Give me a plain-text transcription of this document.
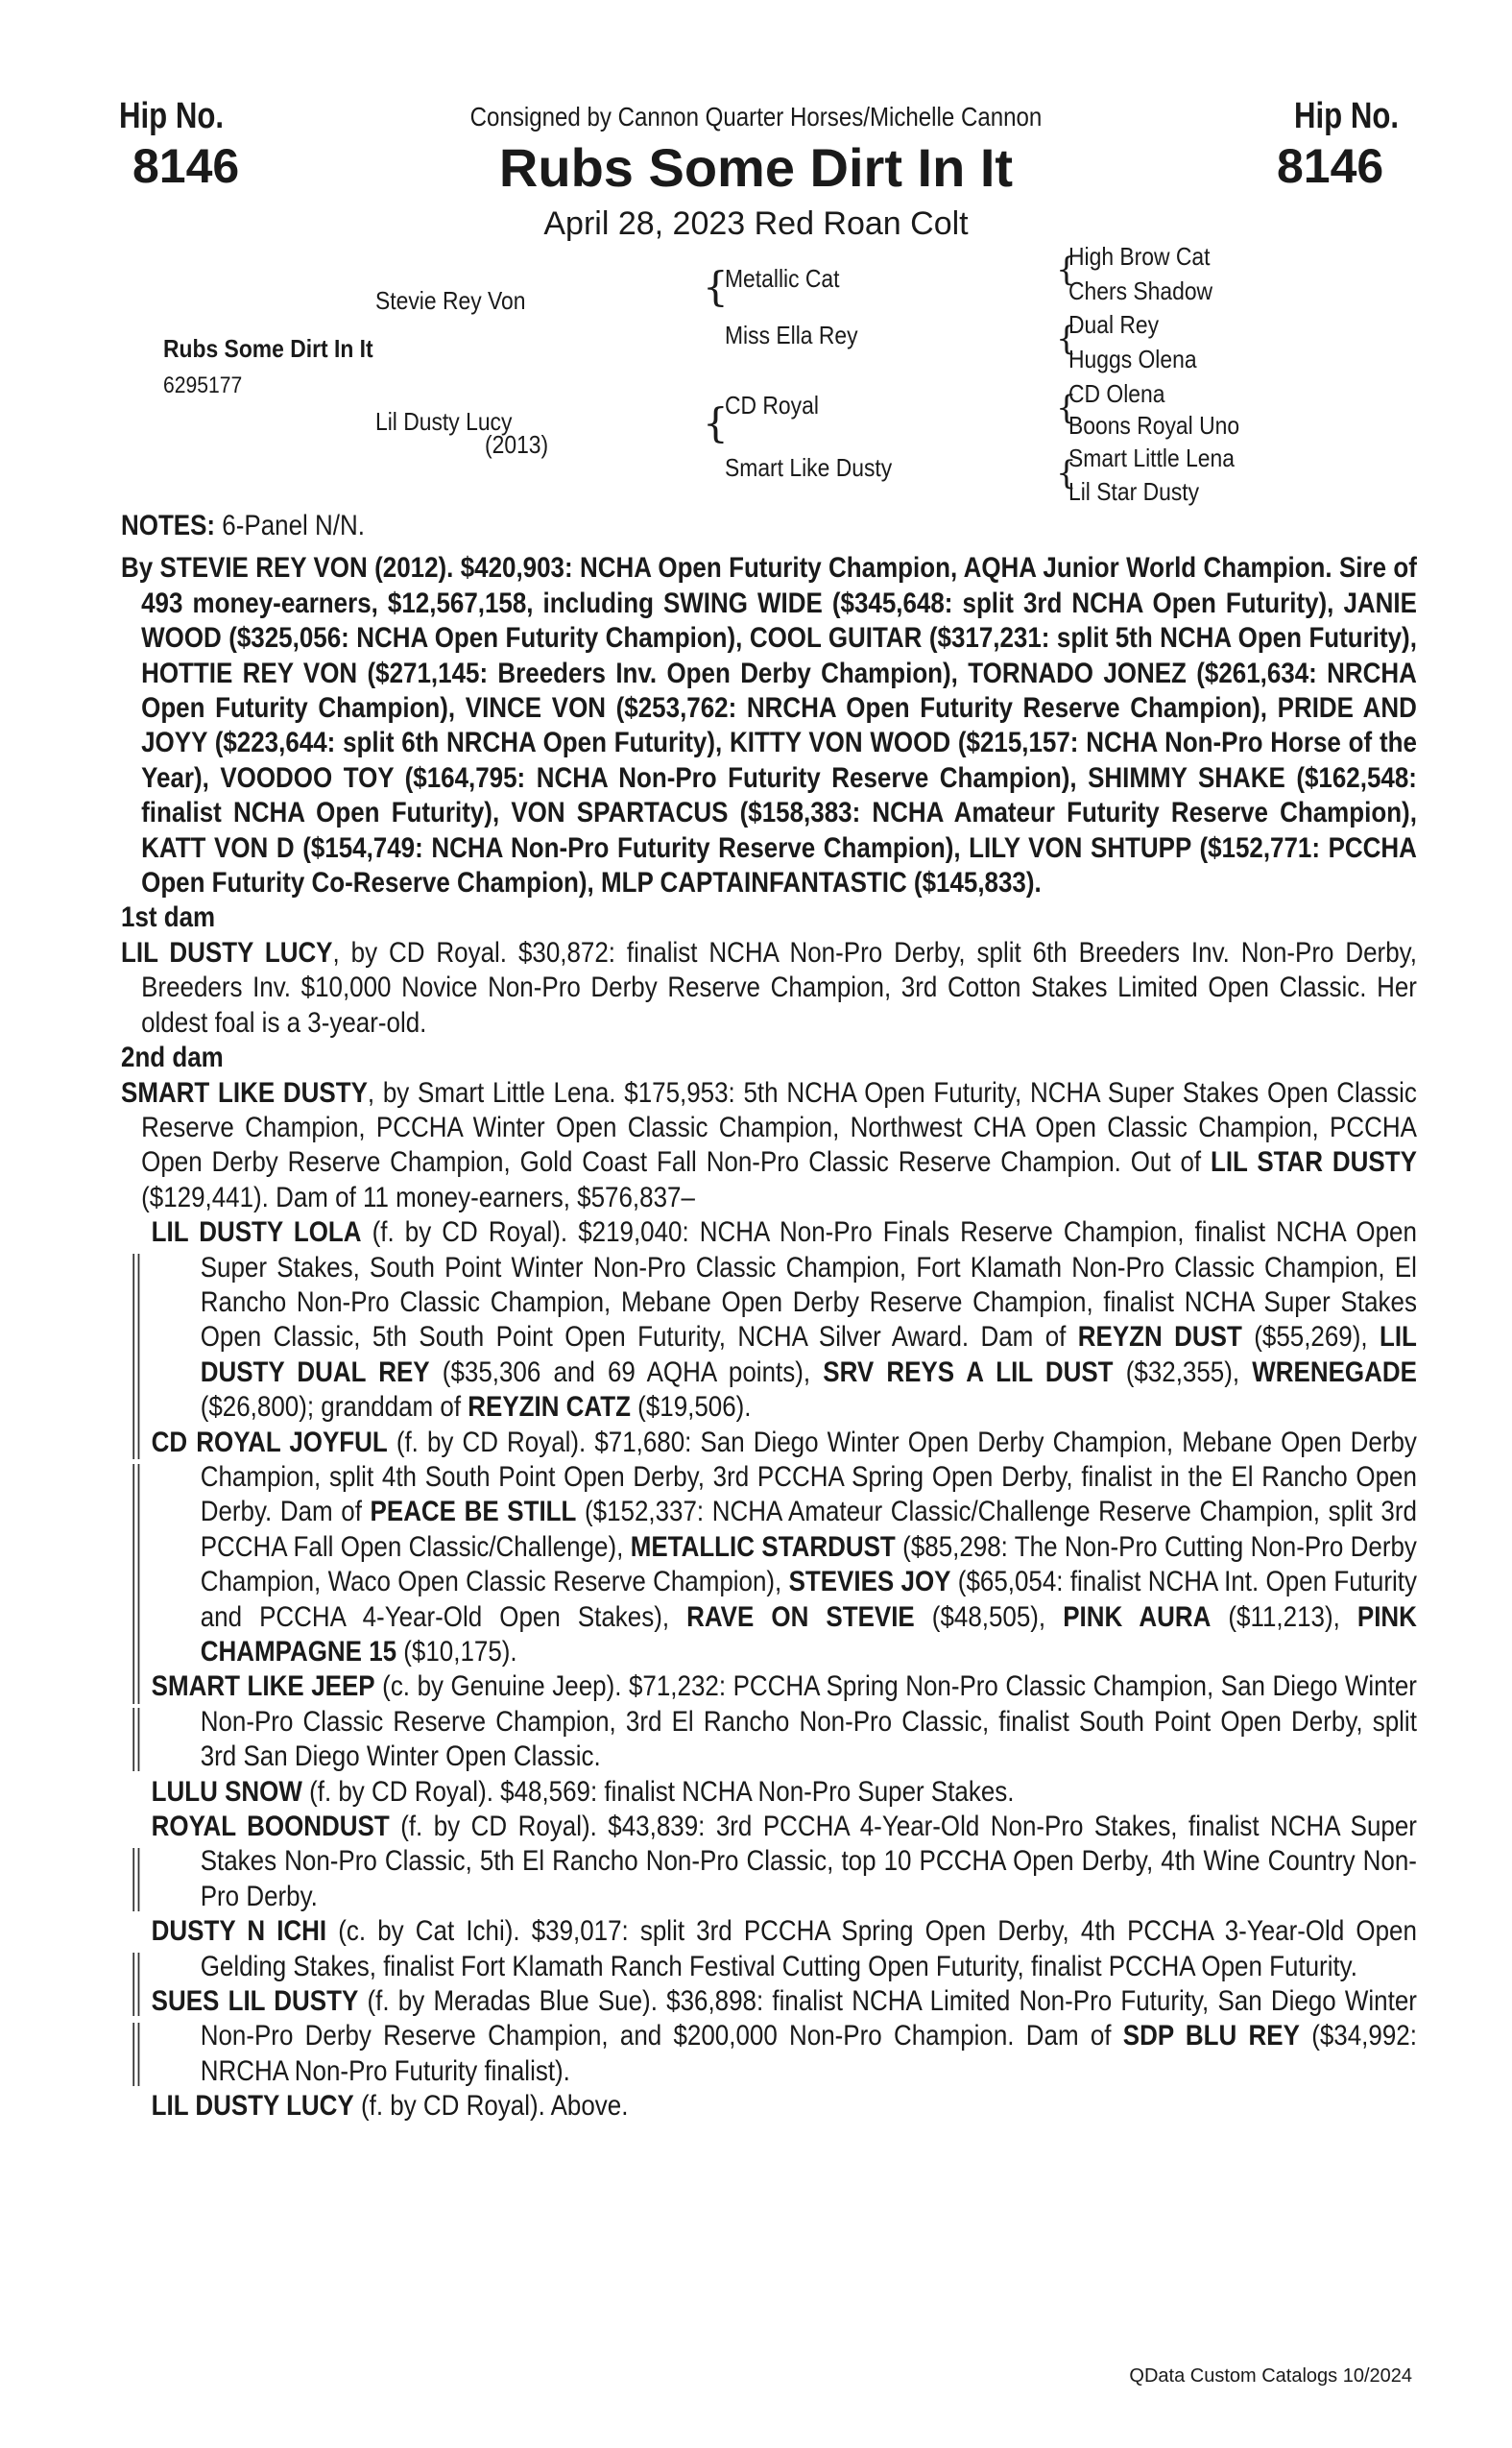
Hip No.
8146
Hip No.
8146
Consigned by Cannon Quarter Horses/Michelle Cannon
Rubs Some Dirt In It
April 28, 2023 Red Roan Colt
Rubs Some Dirt In It
6295177
Stevie Rey Von
Lil Dusty Lucy
(2013)
{
Metallic Cat
Miss Ella Rey
{
CD Royal
Smart Like Dusty
{
High Brow Cat
Chers Shadow
{
Dual Rey
Huggs Olena
{
CD Olena
Boons Royal Uno
{
Smart Little Lena
Lil Star Dusty

NOTES: 6-Panel N/N.

By STEVIE REY VON (2012). $420,903: NCHA Open Futurity Champion, AQHA Junior World Champion. Sire of 493 money-earners, $12,567,158, including SWING WIDE ($345,648: split 3rd NCHA Open Futurity), JANIE WOOD ($325,056: NCHA Open Futurity Champion), COOL GUITAR ($317,231: split 5th NCHA Open Futurity), HOTTIE REY VON ($271,145: Breeders Inv. Open Derby Champion), TORNADO JONEZ ($261,634: NRCHA Open Futurity Champion), VINCE VON ($253,762: NRCHA Open Futurity Reserve Champion), PRIDE AND JOYY ($223,644: split 6th NRCHA Open Futurity), KITTY VON WOOD ($215,157: NCHA Non-Pro Horse of the Year), VOODOO TOY ($164,795: NCHA Non-Pro Futurity Reserve Champion), SHIMMY SHAKE ($162,548: finalist NCHA Open Futurity), VON SPARTACUS ($158,383: NCHA Amateur Futurity Reserve Champion), KATT VON D ($154,749: NCHA Non-Pro Futurity Reserve Champion), LILY VON SHTUPP ($152,771: PCCHA Open Futurity Co-Reserve Champion), MLP CAPTAINFANTASTIC ($145,833).

1st dam

LIL DUSTY LUCY, by CD Royal. $30,872: finalist NCHA Non-Pro Derby, split 6th Breeders Inv. Non-Pro Derby, Breeders Inv. $10,000 Novice Non-Pro Derby Reserve Champion, 3rd Cotton Stakes Limited Open Classic. Her oldest foal is a 3-year-old.

2nd dam

SMART LIKE DUSTY, by Smart Little Lena. $175,953: 5th NCHA Open Futurity, NCHA Super Stakes Open Classic Reserve Champion, PCCHA Winter Open Classic Champion, Northwest CHA Open Classic Champion, PCCHA Open Derby Reserve Champion, Gold Coast Fall Non-Pro Classic Reserve Champion. Out of LIL STAR DUSTY ($129,441). Dam of 11 money-earners, $576,837–

LIL DUSTY LOLA (f. by CD Royal). $219,040: NCHA Non-Pro Finals Reserve Champion, finalist NCHA Open Super Stakes, South Point Winter Non-Pro Classic Champion, Fort Klamath Non-Pro Classic Champion, El Rancho Non-Pro Classic Champion, Mebane Open Derby Reserve Champion, finalist NCHA Super Stakes Open Classic, 5th South Point Open Futurity, NCHA Silver Award. Dam of REYZN DUST ($55,269), LIL DUSTY DUAL REY ($35,306 and 69 AQHA points), SRV REYS A LIL DUST ($32,355), WRENEGADE ($26,800); granddam of REYZIN CATZ ($19,506).

CD ROYAL JOYFUL (f. by CD Royal). $71,680: San Diego Winter Open Derby Champion, Mebane Open Derby Champion, split 4th South Point Open Derby, 3rd PCCHA Spring Open Derby, finalist in the El Rancho Open Derby. Dam of PEACE BE STILL ($152,337: NCHA Amateur Classic/Challenge Reserve Champion, split 3rd PCCHA Fall Open Classic/Challenge), METALLIC STARDUST ($85,298: The Non-Pro Cutting Non-Pro Derby Champion, Waco Open Classic Reserve Champion), STEVIES JOY ($65,054: finalist NCHA Int. Open Futurity and PCCHA 4-Year-Old Open Stakes), RAVE ON STEVIE ($48,505), PINK AURA ($11,213), PINK CHAMPAGNE 15 ($10,175).

SMART LIKE JEEP (c. by Genuine Jeep). $71,232: PCCHA Spring Non-Pro Classic Champion, San Diego Winter Non-Pro Classic Reserve Champion, 3rd El Rancho Non-Pro Classic, finalist South Point Open Derby, split 3rd San Diego Winter Open Classic.

LULU SNOW (f. by CD Royal). $48,569: finalist NCHA Non-Pro Super Stakes.

ROYAL BOONDUST (f. by CD Royal). $43,839: 3rd PCCHA 4-Year-Old Non-Pro Stakes, finalist NCHA Super Stakes Non-Pro Classic, 5th El Rancho Non-Pro Classic, top 10 PCCHA Open Derby, 4th Wine Country Non-Pro Derby.

DUSTY N ICHI (c. by Cat Ichi). $39,017: split 3rd PCCHA Spring Open Derby, 4th PCCHA 3-Year-Old Open Gelding Stakes, finalist Fort Klamath Ranch Festival Cutting Open Futurity, finalist PCCHA Open Futurity.

SUES LIL DUSTY (f. by Meradas Blue Sue). $36,898: finalist NCHA Limited Non-Pro Futurity, San Diego Winter Non-Pro Derby Reserve Champion, and $200,000 Non-Pro Champion. Dam of SDP BLU REY ($34,992: NRCHA Non-Pro Futurity finalist).

LIL DUSTY LUCY (f. by CD Royal). Above.

QData Custom Catalogs 10/2024
